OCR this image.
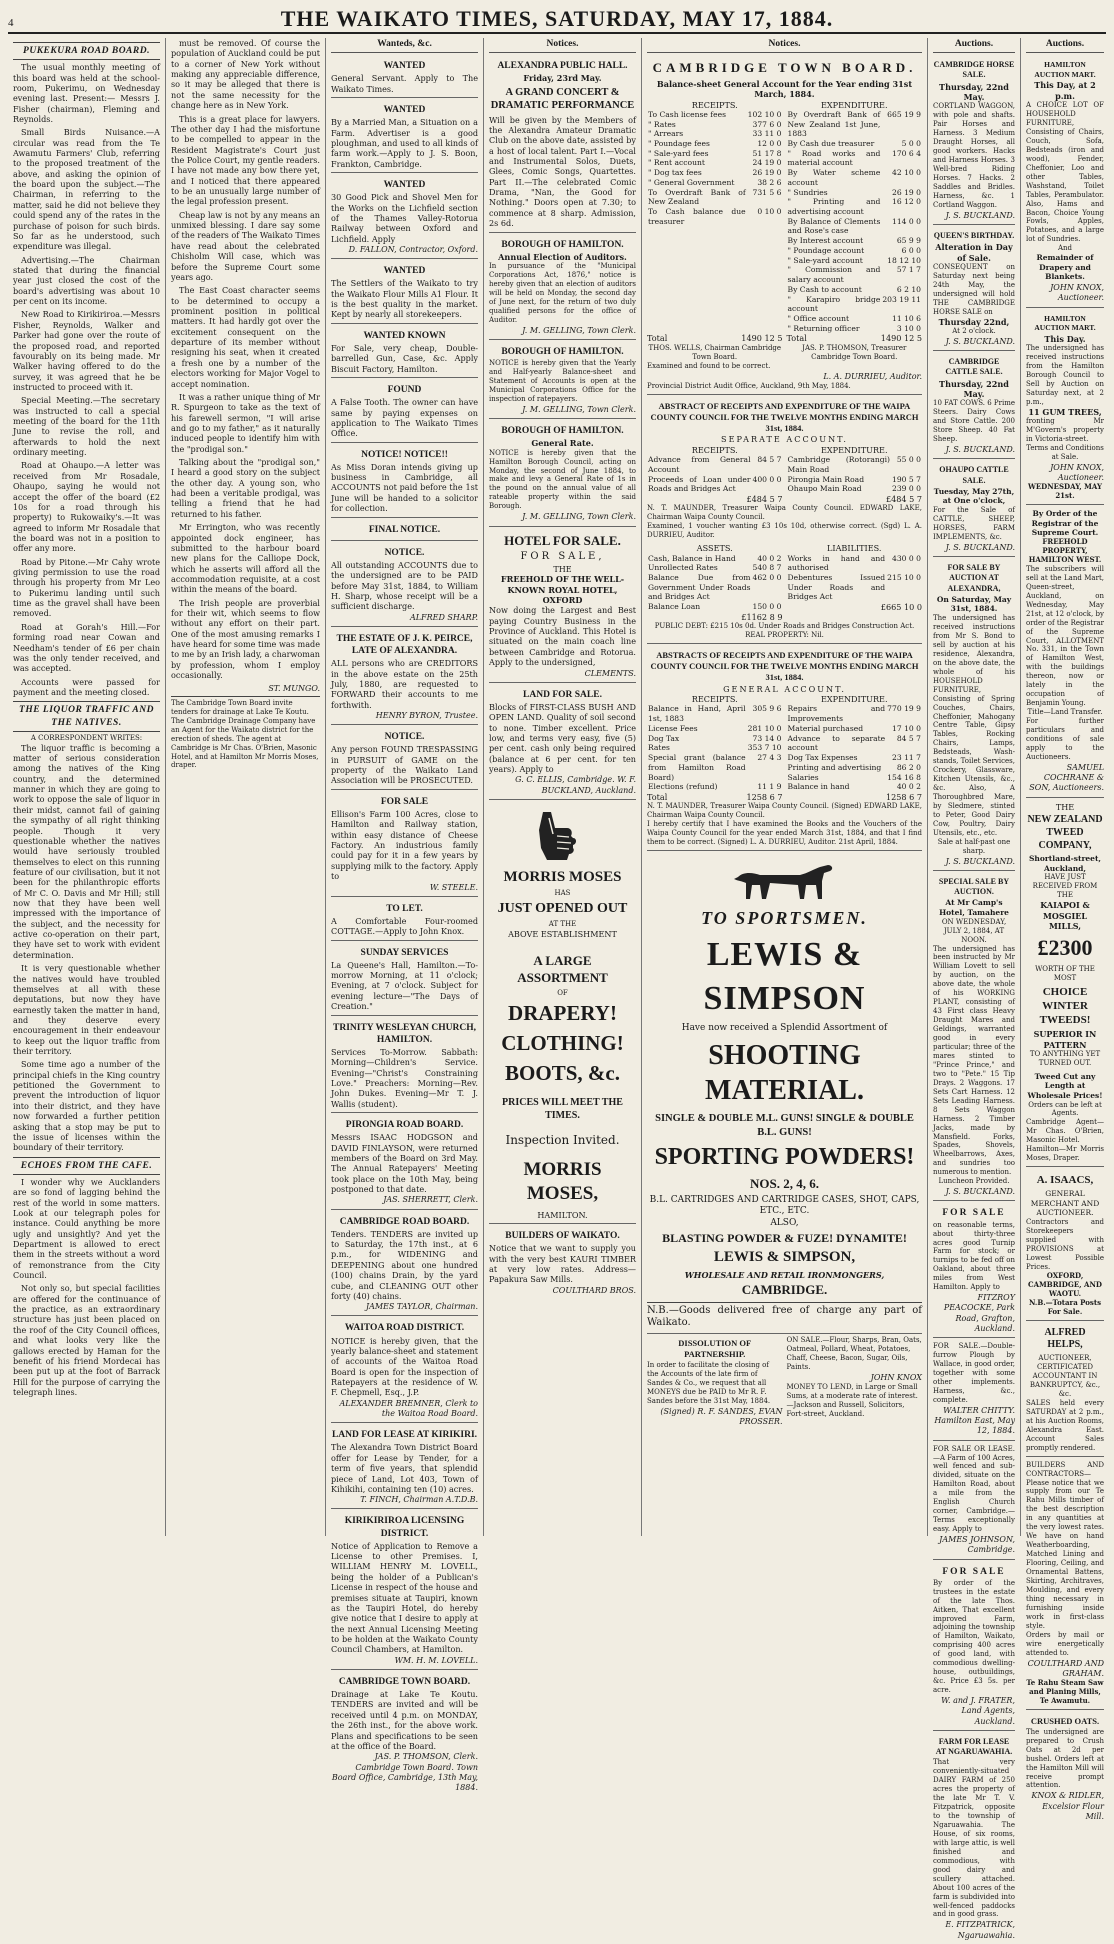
4	THE WAIKATO TIMES, SATURDAY, MAY 17, 1884.
PUKEKURA ROAD BOARD.

The usual monthly meeting of this board was held at the school-room, Pukerimu, on Wednesday evening last. Present:— Messrs J. Fisher (chairman), Fleming and Reynolds.

Small Birds Nuisance.—A circular was read from the Te Awamutu Farmers' Club, referring to the proposed treatment of the above, and asking the opinion of the board upon the subject.—The Chairman, in referring to the matter, said he did not believe they could spend any of the rates in the purchase of poison for such birds. So far as he understood, such expenditure was illegal.

Advertising.—The Chairman stated that during the financial year just closed the cost of the board's advertising was about 10 per cent on its income.

New Road to Kirikiriroa.—Messrs Fisher, Reynolds, Walker and Parker had gone over the route of the proposed road, and reported favourably on its being made. Mr Walker having offered to do the survey, it was agreed that he be instructed to proceed with it.

Special Meeting.—The secretary was instructed to call a special meeting of the board for the 11th June to revise the roll, and afterwards to hold the next ordinary meeting.

Road at Ohaupo.—A letter was received from Mr Rosadale, Ohaupo, saying he would not accept the offer of the board (£2 10s for a road through his property) to Rukowaiky's.—It was agreed to inform Mr Rosadale that the board was not in a position to offer any more.

Road by Pitone.—Mr Cahy wrote giving permission to use the road through his property from Mr Leo to Pukerimu landing until such time as the gravel shall have been removed.

Road at Gorah's Hill.—For forming road near Cowan and Needham's tender of £6 per chain was the only tender received, and was accepted.

Accounts were passed for payment and the meeting closed.

THE LIQUOR TRAFFIC AND THE NATIVES.
A CORRESPONDENT WRITES:

The liquor traffic is becoming a matter of serious consideration among the natives of the King country, and the determined manner in which they are going to work to oppose the sale of liquor in their midst, cannot fail of gaining the sympathy of all right thinking people. Though it very questionable whether the natives would have seriously troubled themselves to elect on this running feature of our civilisation, but it not been for the philanthropic efforts of Mr C. O. Davis and Mr Hill; still now that they have been well impressed with the importance of the subject, and the necessity for active co-operation on their part, they have set to work with evident determination.

It is very questionable whether the natives would have troubled themselves at all with these deputations, but now they have earnestly taken the matter in hand, and they deserve every encouragement in their endeavour to keep out the liquor traffic from their territory.

Some time ago a number of the principal chiefs in the King country petitioned the Government to prevent the introduction of liquor into their district, and they have now forwarded a further petition asking that a stop may be put to the issue of licenses within the boundary of their territory.

ECHOES FROM THE CAFE.

I wonder why we Aucklanders are so fond of lagging behind the rest of the world in some matters. Look at our telegraph poles for instance. Could anything be more ugly and unsightly? And yet the Department is allowed to erect them in the streets without a word of remonstrance from the City Council.

Not only so, but special facilities are offered for the continuance of the practice, as an extraordinary structure has just been placed on the roof of the City Council offices, and what looks very like the gallows erected by Haman for the benefit of his friend Mordecai has been put up at the foot of Barrack Hill for the purpose of carrying the telegraph lines.

must be removed. Of course the population of Auckland could be put to a corner of New York without making any appreciable difference, so it may be alleged that there is not the same necessity for the change here as in New York.

This is a great place for lawyers. The other day I had the misfortune to be compelled to appear in the Resident Magistrate's Court just the Police Court, my gentle readers. I have not made any bow there yet, and I noticed that there appeared to be an unusually large number of the legal profession present.

Cheap law is not by any means an unmixed blessing. I dare say some of the readers of The Waikato Times have read about the celebrated Chisholm Will case, which was before the Supreme Court some years ago.

The East Coast character seems to be determined to occupy a prominent position in political matters. It had hardly got over the excitement consequent on the departure of its member without resigning his seat, when it created a fresh one by a number of the electors working for Major Vogel to accept nomination.

It was a rather unique thing of Mr R. Spurgeon to take as the text of his farewell sermon, "I will arise and go to my father," as it naturally induced people to identify him with the "prodigal son."

Talking about the "prodigal son," I heard a good story on the subject the other day. A young son, who had been a veritable prodigal, was telling a friend that he had returned to his father.

Mr Errington, who was recently appointed dock engineer, has submitted to the harbour board new plans for the Calliope Dock, which he asserts will afford all the accommodation requisite, at a cost within the means of the board.

The Irish people are proverbial for their wit, which seems to flow without any effort on their part. One of the most amusing remarks I have heard for some time was made to me by an Irish lady, a charwoman by profession, whom I employ occasionally.

ST. MUNGO.
The Cambridge Town Board invite tenders for drainage at Lake Te Koutu. The Cambridge Drainage Company have an Agent for the Waikato district for the erection of sheds. The agent at Cambridge is Mr Chas. O'Brien, Masonic Hotel, and at Hamilton Mr Morris Moses, draper.
Wanteds, &c.
WANTED
General Servant. Apply to The Waikato Times.
WANTED
By a Married Man, a Situation on a Farm. Advertiser is a good ploughman, and used to all kinds of farm work.—Apply to J. S. Boon, Frankton, Cambridge.
WANTED
30 Good Pick and Shovel Men for the Works on the Lichfield section of the Thames Valley-Rotorua Railway between Oxford and Lichfield. Apply
D. FALLON, Contractor, Oxford.
WANTED
The Settlers of the Waikato to try the Waikato Flour Mills A1 Flour. It is the best quality in the market. Kept by nearly all storekeepers.
WANTED KNOWN
For Sale, very cheap, Double-barrelled Gun, Case, &c. Apply Biscuit Factory, Hamilton.
FOUND
A False Tooth. The owner can have same by paying expenses on application to The Waikato Times Office.
NOTICE! NOTICE!!
As Miss Doran intends giving up business in Cambridge, all ACCOUNTS not paid before the 1st June will be handed to a solicitor for collection.
FINAL NOTICE.
NOTICE.
All outstanding ACCOUNTS due to the undersigned are to be PAID before May 31st, 1884, to William H. Sharp, whose receipt will be a sufficient discharge.
ALFRED SHARP.
THE ESTATE OF J. K. PEIRCE, LATE OF ALEXANDRA.
ALL persons who are CREDITORS in the above estate on the 25th July, 1880, are requested to FORWARD their accounts to me forthwith.
HENRY BYRON, Trustee.
NOTICE.
Any person FOUND TRESPASSING in PURSUIT of GAME on the property of the Waikato Land Association will be PROSECUTED.
FOR SALE
Ellison's Farm 100 Acres, close to Hamilton and Railway station, within easy distance of Cheese Factory. An industrious family could pay for it in a few years by supplying milk to the factory. Apply to
W. STEELE.
TO LET.
A Comfortable Four-roomed COTTAGE.—Apply to John Knox.
SUNDAY SERVICES
La Queene's Hall, Hamilton.—To-morrow Morning, at 11 o'clock; Evening, at 7 o'clock. Subject for evening lecture—"The Days of Creation."
TRINITY WESLEYAN CHURCH, HAMILTON.
Services To-Morrow. Sabbath: Morning—Children's Service. Evening—"Christ's Constraining Love." Preachers: Morning—Rev. John Dukes. Evening—Mr T. J. Wallis (student).
PIRONGIA ROAD BOARD.
Messrs ISAAC HODGSON and DAVID FINLAYSON, were returned members of the Board on 3rd May. The Annual Ratepayers' Meeting took place on the 10th May, being postponed to that date.
JAS. SHERRETT, Clerk.
CAMBRIDGE ROAD BOARD.
Tenders. TENDERS are invited up to Saturday, the 17th inst., at 6 p.m., for WIDENING and DEEPENING about one hundred (100) chains Drain, by the yard cube, and CLEANING OUT other forty (40) chains.
JAMES TAYLOR, Chairman.
WAITOA ROAD DISTRICT.
NOTICE is hereby given, that the yearly balance-sheet and statement of accounts of the Waitoa Road Board is open for the inspection of Ratepayers at the residence of W. F. Chepmell, Esq., J.P.
ALEXANDER BREMNER, Clerk to the Waitoa Road Board.
LAND FOR LEASE AT KIRIKIRI.
The Alexandra Town District Board offer for Lease by Tender, for a term of five years, that splendid piece of Land, Lot 403, Town of Kihikihi, containing ten (10) acres.
T. FINCH, Chairman A.T.D.B.
KIRIKIRIROA LICENSING DISTRICT.
Notice of Application to Remove a License to other Premises. I, WILLIAM HENRY M. LOVELL, being the holder of a Publican's License in respect of the house and premises situate at Taupiri, known as the Taupiri Hotel, do hereby give notice that I desire to apply at the next Annual Licensing Meeting to be holden at the Waikato County Council Chambers, at Hamilton.
WM. H. M. LOVELL.
CAMBRIDGE TOWN BOARD.
Drainage at Lake Te Koutu. TENDERS are invited and will be received until 4 p.m. on MONDAY, the 26th inst., for the above work. Plans and specifications to be seen at the office of the Board.
JAS. P. THOMSON, Clerk. Cambridge Town Board. Town Board Office, Cambridge, 13th May, 1884.
Notices.
ALEXANDRA PUBLIC HALL.
Friday, 23rd May.
A GRAND CONCERT & DRAMATIC PERFORMANCE
Will be given by the Members of the Alexandra Amateur Dramatic Club on the above date, assisted by a host of local talent. Part I.—Vocal and Instrumental Solos, Duets, Glees, Comic Songs, Quartettes. Part II.—The celebrated Comic Drama, "Nan, the Good for Nothing." Doors open at 7.30; to commence at 8 sharp. Admission, 2s 6d.
BOROUGH OF HAMILTON.
Annual Election of Auditors.
In pursuance of the "Municipal Corporations Act, 1876," notice is hereby given that an election of auditors will be held on Monday, the second day of June next, for the return of two duly qualified persons for the office of Auditor.
J. M. GELLING, Town Clerk.
BOROUGH OF HAMILTON.
NOTICE is hereby given that the Yearly and Half-yearly Balance-sheet and Statement of Accounts is open at the Municipal Corporations Office for the inspection of ratepayers.
J. M. GELLING, Town Clerk.
BOROUGH OF HAMILTON.
General Rate.
NOTICE is hereby given that the Hamilton Borough Council, acting on Monday, the second of June 1884, to make and levy a General Rate of 1s in the pound on the annual value of all rateable property within the said Borough.
J. M. GELLING, Town Clerk.
HOTEL FOR SALE.
FOR SALE,
THE
FREEHOLD OF THE WELL-KNOWN ROYAL HOTEL, OXFORD
Now doing the Largest and Best paying Country Business in the Province of Auckland. This Hotel is situated on the main coach line between Cambridge and Rotorua. Apply to the undersigned,
CLEMENTS.
LAND FOR SALE.
Blocks of FIRST-CLASS BUSH AND OPEN LAND. Quality of soil second to none. Timber excellent. Price low, and terms very easy, five (5) per cent. cash only being required (balance at 6 per cent. for ten years). Apply to
G. C. ELLIS, Cambridge. W. F. BUCKLAND, Auckland.
MORRIS MOSES
HAS
JUST OPENED OUT
AT THE
ABOVE ESTABLISHMENT
A LARGE ASSORTMENT
OF
DRAPERY!
CLOTHING!
BOOTS, &c.
PRICES WILL MEET THE TIMES.
Inspection Invited.
MORRIS MOSES,
HAMILTON.
BUILDERS OF WAIKATO.
Notice that we want to supply you with the very best KAURI TIMBER at very low rates. Address—Papakura Saw Mills.
COULTHARD BROS.
Notices.
CAMBRIDGE TOWN BOARD.
Balance-sheet General Account for the Year ending 31st March, 1884.
RECEIPTS.
To Cash license fees	102 10 0
" Rates	377 6 0
" Arrears	33 11 0
" Poundage fees	12 0 0
" Sale-yard fees	51 17 8
" Rent account	24 19 0
" Dog tax fees	26 19 0
" General Government	38 2 6
To Overdraft Bank of New Zealand	731 5 6
To Cash balance due treasurer	0 10 0
EXPENDITURE.
By Overdraft Bank of New Zealand 1st June, 1883	665 19 9
By Cash due treasurer	5 0 0
" Road works and material account	170 6 4
By Water scheme account	42 10 0
" Sundries	26 19 0
" Printing and advertising account	16 12 0
By Balance of Clements and Rose's case	114 0 0
By Interest account	65 9 9
" Poundage account	6 0 0
" Sale-yard account	18 12 10
" Commission and salary account	57 1 7
By Cash to account	6 2 10
" Karapiro bridge account	203 19 11
" Office account	11 10 6
" Returning officer	3 10 0
Total	1490 12 5 Total	1490 12 5
THOS. WELLS, Chairman Cambridge Town Board.
JAS. P. THOMSON, Treasurer Cambridge Town Board.
Examined and found to be correct.
L. A. DURRIEU, Auditor.
Provincial District Audit Office, Auckland, 9th May, 1884.
ABSTRACT OF RECEIPTS AND EXPENDITURE OF THE WAIPA COUNTY COUNCIL FOR THE TWELVE MONTHS ENDING MARCH 31st, 1884.
SEPARATE ACCOUNT.
RECEIPTS.
Advance from General Account	84 5 7
Proceeds of Loan under Roads and Bridges Act	400 0 0
£484 5 7
EXPENDITURE.
Cambridge (Rotorangi) Main Road	55 0 0
Pirongia Main Road	190 5 7
Ohaupo Main Road	239 0 0
£484 5 7
N. T. MAUNDER, Treasurer Waipa County Council. EDWARD LAKE, Chairman Waipa County Council.
Examined, 1 voucher wanting £3 10s 10d, otherwise correct. (Sgd) L. A. DURRIEU, Auditor.
ASSETS.
Cash, Balance in Hand	40 0 2
Unrollected Rates	540 8 7
Balance Due from Government Under Roads and Bridges Act	462 0 0
Balance Loan	150 0 0
£1162 8 9
LIABILITIES.
Works in hand and authorised	430 0 0
Debentures Issued Under Roads and Bridges Act	215 10 0
£665 10 0
PUBLIC DEBT: £215 10s 0d. Under Roads and Bridges Construction Act.
REAL PROPERTY: Nil.
ABSTRACTS OF RECEIPTS AND EXPENDITURE OF THE WAIPA COUNTY COUNCIL FOR THE TWELVE MONTHS ENDING MARCH 31st, 1884.
GENERAL ACCOUNT.
RECEIPTS.
Balance in Hand, April 1st, 1883	305 9 6
License Fees	281 10 0
Dog Tax	73 14 0
Rates	353 7 10
Special grant (balance from Hamilton Road Board)	27 4 3
Elections (refund)	11 1 9
EXPENDITURE.
Repairs and Improvements	770 19 9
Material purchased	17 10 0
Advance to separate account	84 5 7
Dog Tax Expenses	23 11 7
Printing and advertising	86 2 0
Salaries	154 16 8
Balance in hand	40 0 2
Total	1258 6 7	1258 6 7
N. T. MAUNDER, Treasurer Waipa County Council. (Signed) EDWARD LAKE, Chairman Waipa County Council.
I hereby certify that I have examined the Books and the Vouchers of the Waipa County Council for the year ended March 31st, 1884, and that I find them to be correct. (Signed) L. A. DURRIEU, Auditor. 21st April, 1884.
TO SPORTSMEN.
LEWIS & SIMPSON
Have now received a Splendid Assortment of
SHOOTING MATERIAL.
SINGLE & DOUBLE M.L. GUNS! SINGLE & DOUBLE B.L. GUNS!
SPORTING POWDERS!
NOS. 2, 4, 6.
B.L. CARTRIDGES AND CARTRIDGE CASES, SHOT, CAPS, ETC., ETC.
ALSO,
BLASTING POWDER & FUZE! DYNAMITE!
LEWIS & SIMPSON,
WHOLESALE AND RETAIL IRONMONGERS,
CAMBRIDGE.
N.B.—Goods delivered free of charge any part of Waikato.
DISSOLUTION OF PARTNERSHIP.
In order to facilitate the closing of the Accounts of the late firm of Sandes & Co., we request that all MONEYS due be PAID to Mr R. F. Sandes before the 31st May, 1884.
(Signed) R. F. SANDES, EVAN PROSSER.
ON SALE.—Flour, Sharps, Bran, Oats, Oatmeal, Pollard, Wheat, Potatoes, Chaff, Cheese, Bacon, Sugar, Oils, Paints.
JOHN KNOX
MONEY TO LEND, in Large or Small Sums, at a moderate rate of interest.—Jackson and Russell, Solicitors, Fort-street, Auckland.
Auctions.
CAMBRIDGE HORSE SALE.
Thursday, 22nd May.
CORTLAND WAGGON, with pole and shafts. Pair Horses and Harness. 3 Medium Draught Horses, all good workers. Hacks and Harness Horses. 3 Well-bred Riding Horses. 7 Hacks. 2 Saddles and Bridles. Harness, &c. 1 Cortland Waggon.
J. S. BUCKLAND.
QUEEN'S BIRTHDAY.
Alteration in Day of Sale.
CONSEQUENT on Saturday next being 24th May, the undersigned will hold THE CAMBRIDGE HORSE SALE on
Thursday 22nd,
At 2 o'clock.
J. S. BUCKLAND.
CAMBRIDGE CATTLE SALE.
Thursday, 22nd May.
10 FAT COWS. 6 Prime Steers. Dairy Cows and Store Cattle. 200 Store Sheep. 40 Fat Sheep.
J. S. BUCKLAND.
OHAUPO CATTLE SALE.
Tuesday, May 27th, at One o'clock,
For the Sale of CATTLE, SHEEP, HORSES, FARM IMPLEMENTS, &c.
J. S. BUCKLAND.
FOR SALE BY AUCTION AT ALEXANDRA,
On Saturday, May 31st, 1884.
The undersigned has received instructions from Mr S. Bond to sell by auction at his residence, Alexandra, on the above date, the whole of his HOUSEHOLD FURNITURE, Consisting of Spring Couches, Chairs, Cheffonier, Mahogany Centre Table, Gipsy Tables, Rocking Chairs, Lamps, Bedsteads, Wash-stands, Toilet Services, Crockery, Glassware, Kitchen Utensils, &c., &c. Also, A Thoroughbred Mare, by Sledmere, stinted to Peter, Good Dairy Cow, Poultry, Dairy Utensils, etc., etc.
Sale at half-past one sharp.
J. S. BUCKLAND.
SPECIAL SALE BY AUCTION.
At Mr Camp's Hotel, Tamahere
ON WEDNESDAY, JULY 2, 1884, AT NOON.
The undersigned has been instructed by Mr William Lovett to sell by auction, on the above date, the whole of his WORKING PLANT, consisting of 43 First class Heavy Draught Mares and Geldings, warranted good in every particular; three of the mares stinted to "Prince Prince," and two to "Pete." 15 Tip Drays. 2 Waggons. 17 Sets Cart Harness. 12 Sets Leading Harness. 8 Sets Waggon Harness. 2 Timber Jacks, made by Mansfield. Forks, Spades, Shovels, Wheelbarrows, Axes, and sundries too numerous to mention.
Luncheon Provided.
J. S. BUCKLAND.
FOR SALE
on reasonable terms, about thirty-three acres good Turnip Farm for stock; or turnips to be fed off on Oakland, about three miles from West Hamilton. Apply to
FITZROY PEACOCKE, Park Road, Grafton, Auckland.
FOR SALE.—Double-furrow Plough by Wallace, in good order, together with some other implements. Harness, &c., complete.
WALTER CHITTY. Hamilton East, May 12, 1884.
FOR SALE OR LEASE.—A Farm of 100 Acres, well fenced and sub-divided, situate on the Hamilton Road, about a mile from the English Church corner, Cambridge.—Terms exceptionally easy. Apply to
JAMES JOHNSON, Cambridge.
FOR SALE
By order of the trustees in the estate of the late Thos. Aitken, That excellent improved Farm, adjoining the township of Hamilton, Waikato, comprising 400 acres of good land, with commodious dwelling-house, outbuildings, &c. Price £3 5s. per acre.
W. and J. FRATER, Land Agents, Auckland.
FARM FOR LEASE AT NGARUAWAHIA.
That very conveniently-situated DAIRY FARM of 250 acres the property of the late Mr T. V. Fitzpatrick, opposite to the township of Ngaruawahia. The House, of six rooms, with large attic, is well finished and commodious, with good dairy and scullery attached. About 100 acres of the farm is subdivided into well-fenced paddocks and in good grass.
E. FITZPATRICK, Ngaruawahia.
Auctions.
HAMILTON AUCTION MART.
This Day, at 2 p.m.
A CHOICE LOT OF HOUSEHOLD FURNITURE, Consisting of Chairs, Couch, Sofa, Bedsteads (iron and wood), Fender, Cheffonier, Loo and other Tables, Washstand, Toilet Tables, Perambulator. Also, Hams and Bacon, Choice Young Fowls, Apples, Potatoes, and a large lot of Sundries.
And
Remainder of Drapery and Blankets.
JOHN KNOX, Auctioneer.
HAMILTON AUCTION MART.
This Day.
The undersigned has received instructions from the Hamilton Borough Council to Sell by Auction on Saturday next, at 2 p.m.,
11 GUM TREES,
fronting Mr M'Govern's property in Victoria-street.
Terms and Conditions at Sale.
JOHN KNOX, Auctioneer.
WEDNESDAY, MAY 21st.
By Order of the Registrar of the Supreme Court.
FREEHOLD PROPERTY, HAMILTON WEST.
The subscribers will sell at the Land Mart, Queen-street, Auckland, on Wednesday, May 21st, at 12 o'clock, by order of the Registrar of the Supreme Court, ALLOTMENT No. 331, in the Town of Hamilton West, with the buildings thereon, now or lately in the occupation of Benjamin Young.
Title—Land Transfer.
For further particulars and conditions of sale apply to the Auctioneers.
SAMUEL COCHRANE & SON, Auctioneers.
THE
NEW ZEALAND TWEED COMPANY,
Shortland-street, Auckland,
HAVE JUST RECEIVED FROM THE
KAIAPOI & MOSGIEL MILLS,
£2300
WORTH OF THE MOST
CHOICE WINTER TWEEDS!
SUPERIOR IN PATTERN
TO ANYTHING YET TURNED OUT.
Tweed Cut any Length at Wholesale Prices!
Orders can be left at Agents.
Cambridge Agent—Mr Chas. O'Brien, Masonic Hotel.
Hamilton—Mr Morris Moses, Draper.
A. ISAACS,
GENERAL MERCHANT AND AUCTIONEER.
Contractors and Storekeepers supplied with PROVISIONS at Lowest Possible Prices.
OXFORD, CAMBRIDGE, AND WAOTU.
N.B.—Totara Posts For Sale.
ALFRED HELPS,
AUCTIONEER,
CERTIFICATED ACCOUNTANT IN BANKRUPTCY, &c., &c.
SALES held every SATURDAY at 2 p.m., at his Auction Rooms, Alexandra East. Account Sales promptly rendered.
BUILDERS AND CONTRACTORS—Please notice that we supply from our Te Rahu Mills timber of the best description in any quantities at the very lowest rates. We have on hand Weatherboarding, Matched Lining and Flooring, Ceiling, and Ornamental Battens, Skirting, Architraves, Moulding, and every thing necessary in furnishing inside work in first-class style.
Orders by mail or wire energetically attended to.
COULTHARD AND GRAHAM.
Te Rahu Steam Saw and Planing Mills, Te Awamutu.
CRUSHED OATS.
The undersigned are prepared to Crush Oats at 2d per bushel. Orders left at the Hamilton Mill will receive prompt attention.
KNOX & RIDLER, Excelsior Flour Mill.
